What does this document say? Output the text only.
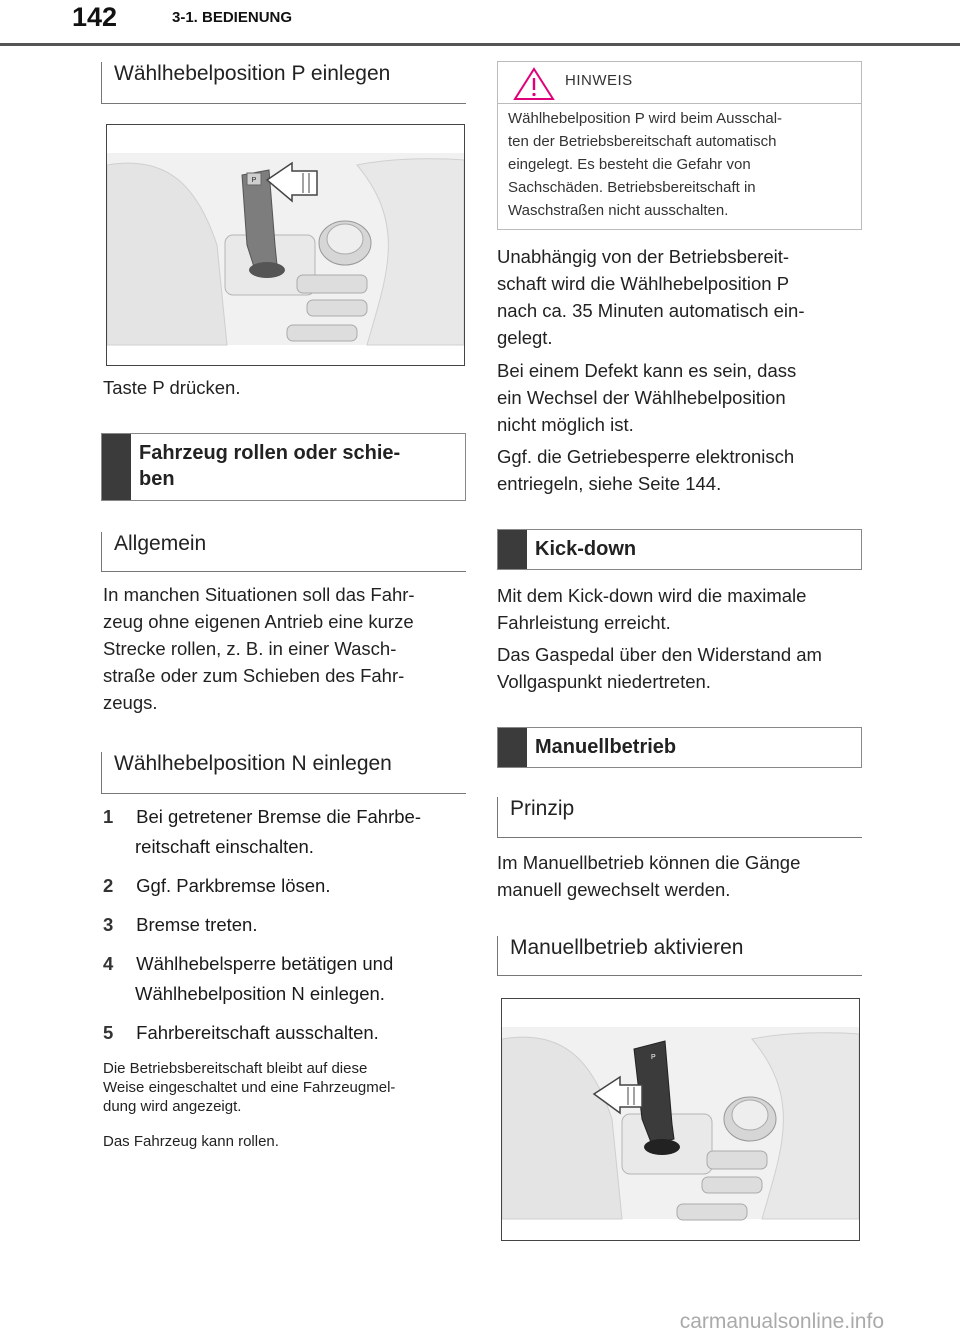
142	3-1. BEDIENUNG
Wählhebelposition P einlegen
P
Taste P drücken.
Fahrzeug rollen oder schie-
ben
Allgemein
In manchen Situationen soll das Fahr-
zeug ohne eigenen Antrieb eine kurze
Strecke rollen, z. B. in einer Wasch-
straße oder zum Schieben des Fahr-
zeugs.
Wählhebelposition N einlegen
1 Bei getretener Bremse die Fahrbe-
reitschaft einschalten.
2 Ggf. Parkbremse lösen.
3 Bremse treten.
4 Wählhebelsperre betätigen und
Wählhebelposition N einlegen.
5 Fahrbereitschaft ausschalten.
Die Betriebsbereitschaft bleibt auf diese
Weise eingeschaltet und eine Fahrzeugmel-
dung wird angezeigt.
Das Fahrzeug kann rollen.
HINWEIS
Wählhebelposition P wird beim Ausschal-
ten der Betriebsbereitschaft automatisch
eingelegt. Es besteht die Gefahr von
Sachschäden. Betriebsbereitschaft in
Waschstraßen nicht ausschalten.
Unabhängig von der Betriebsbereit-
schaft wird die Wählhebelposition P
nach ca. 35 Minuten automatisch ein-
gelegt.
Bei einem Defekt kann es sein, dass
ein Wechsel der Wählhebelposition
nicht möglich ist.
Ggf. die Getriebesperre elektronisch
entriegeln, siehe Seite 144.
Kick-down
Mit dem Kick-down wird die maximale
Fahrleistung erreicht.
Das Gaspedal über den Widerstand am
Vollgaspunkt niedertreten.
Manuellbetrieb
Prinzip
Im Manuellbetrieb können die Gänge
manuell gewechselt werden.
Manuellbetrieb aktivieren
P
carmanualsonline.info
